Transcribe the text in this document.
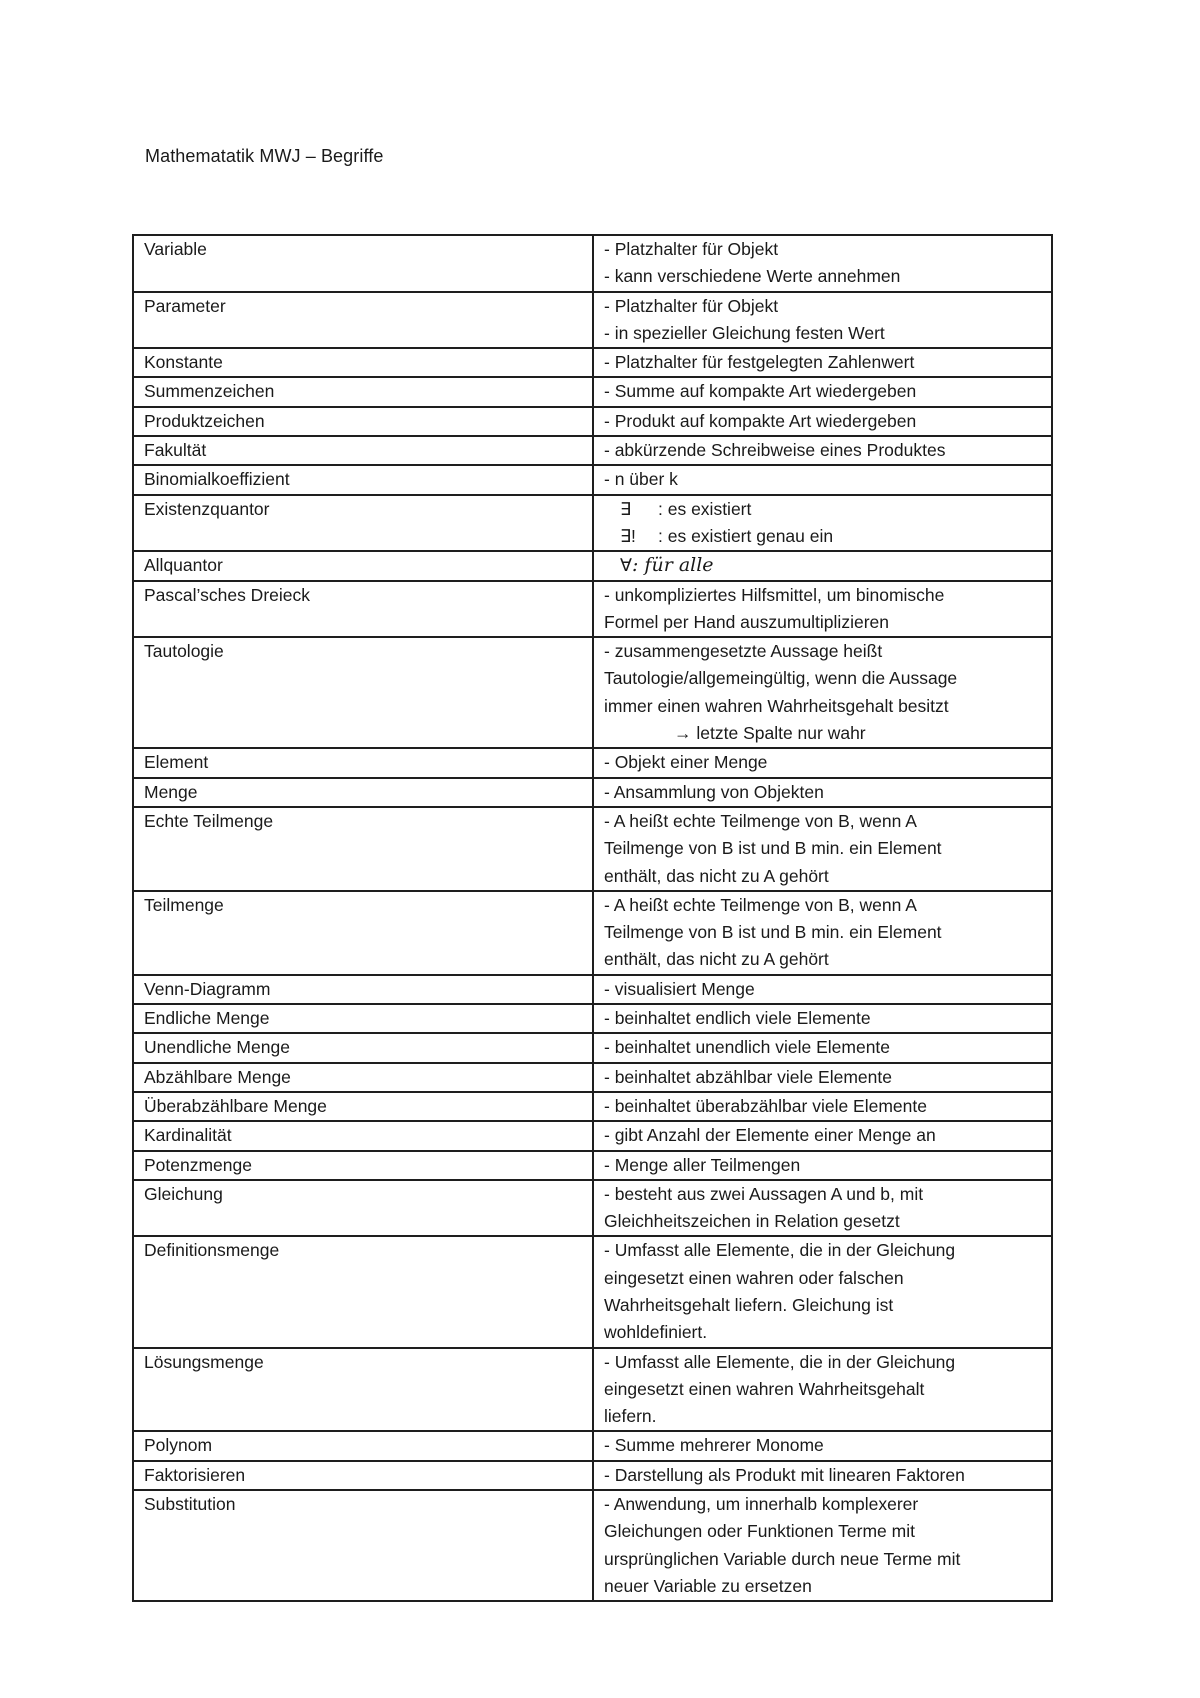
Mathematatik MWJ – Begriffe
Variable	- Platzhalter für Objekt
- kann verschiedene Werte annehmen

Parameter	- Platzhalter für Objekt
- in spezieller Gleichung festen Wert

Konstante	- Platzhalter für festgelegten Zahlenwert

Summenzeichen	- Summe auf kompakte Art wiedergeben

Produktzeichen	- Produkt auf kompakte Art wiedergeben

Fakultät	- abkürzende Schreibweise eines Produktes

Binomialkoeffizient	- n über k

Existenzquantor	∃ : es existiert
∃! : es existiert genau ein

Allquantor	∀: für alle

Pascal’sches Dreieck	- unkompliziertes Hilfsmittel, um binomische
Formel per Hand auszumultiplizieren

Tautologie	- zusammengesetzte Aussage heißt
Tautologie/allgemeingültig, wenn die Aussage
immer einen wahren Wahrheitsgehalt besitzt
→ letzte Spalte nur wahr

Element	- Objekt einer Menge

Menge	- Ansammlung von Objekten

Echte Teilmenge	- A heißt echte Teilmenge von B, wenn A
Teilmenge von B ist und B min. ein Element
enthält, das nicht zu A gehört

Teilmenge	- A heißt echte Teilmenge von B, wenn A
Teilmenge von B ist und B min. ein Element
enthält, das nicht zu A gehört

Venn-Diagramm	- visualisiert Menge

Endliche Menge	- beinhaltet endlich viele Elemente

Unendliche Menge	- beinhaltet unendlich viele Elemente

Abzählbare Menge	- beinhaltet abzählbar viele Elemente

Überabzählbare Menge	- beinhaltet überabzählbar viele Elemente

Kardinalität	- gibt Anzahl der Elemente einer Menge an

Potenzmenge	- Menge aller Teilmengen

Gleichung	- besteht aus zwei Aussagen A und b, mit
Gleichheitszeichen in Relation gesetzt

Definitionsmenge	- Umfasst alle Elemente, die in der Gleichung
eingesetzt einen wahren oder falschen
Wahrheitsgehalt liefern. Gleichung ist
wohldefiniert.

Lösungsmenge	- Umfasst alle Elemente, die in der Gleichung
eingesetzt einen wahren Wahrheitsgehalt
liefern.

Polynom	- Summe mehrerer Monome

Faktorisieren	- Darstellung als Produkt mit linearen Faktoren

Substitution	- Anwendung, um innerhalb komplexerer
Gleichungen oder Funktionen Terme mit
ursprünglichen Variable durch neue Terme mit
neuer Variable zu ersetzen
